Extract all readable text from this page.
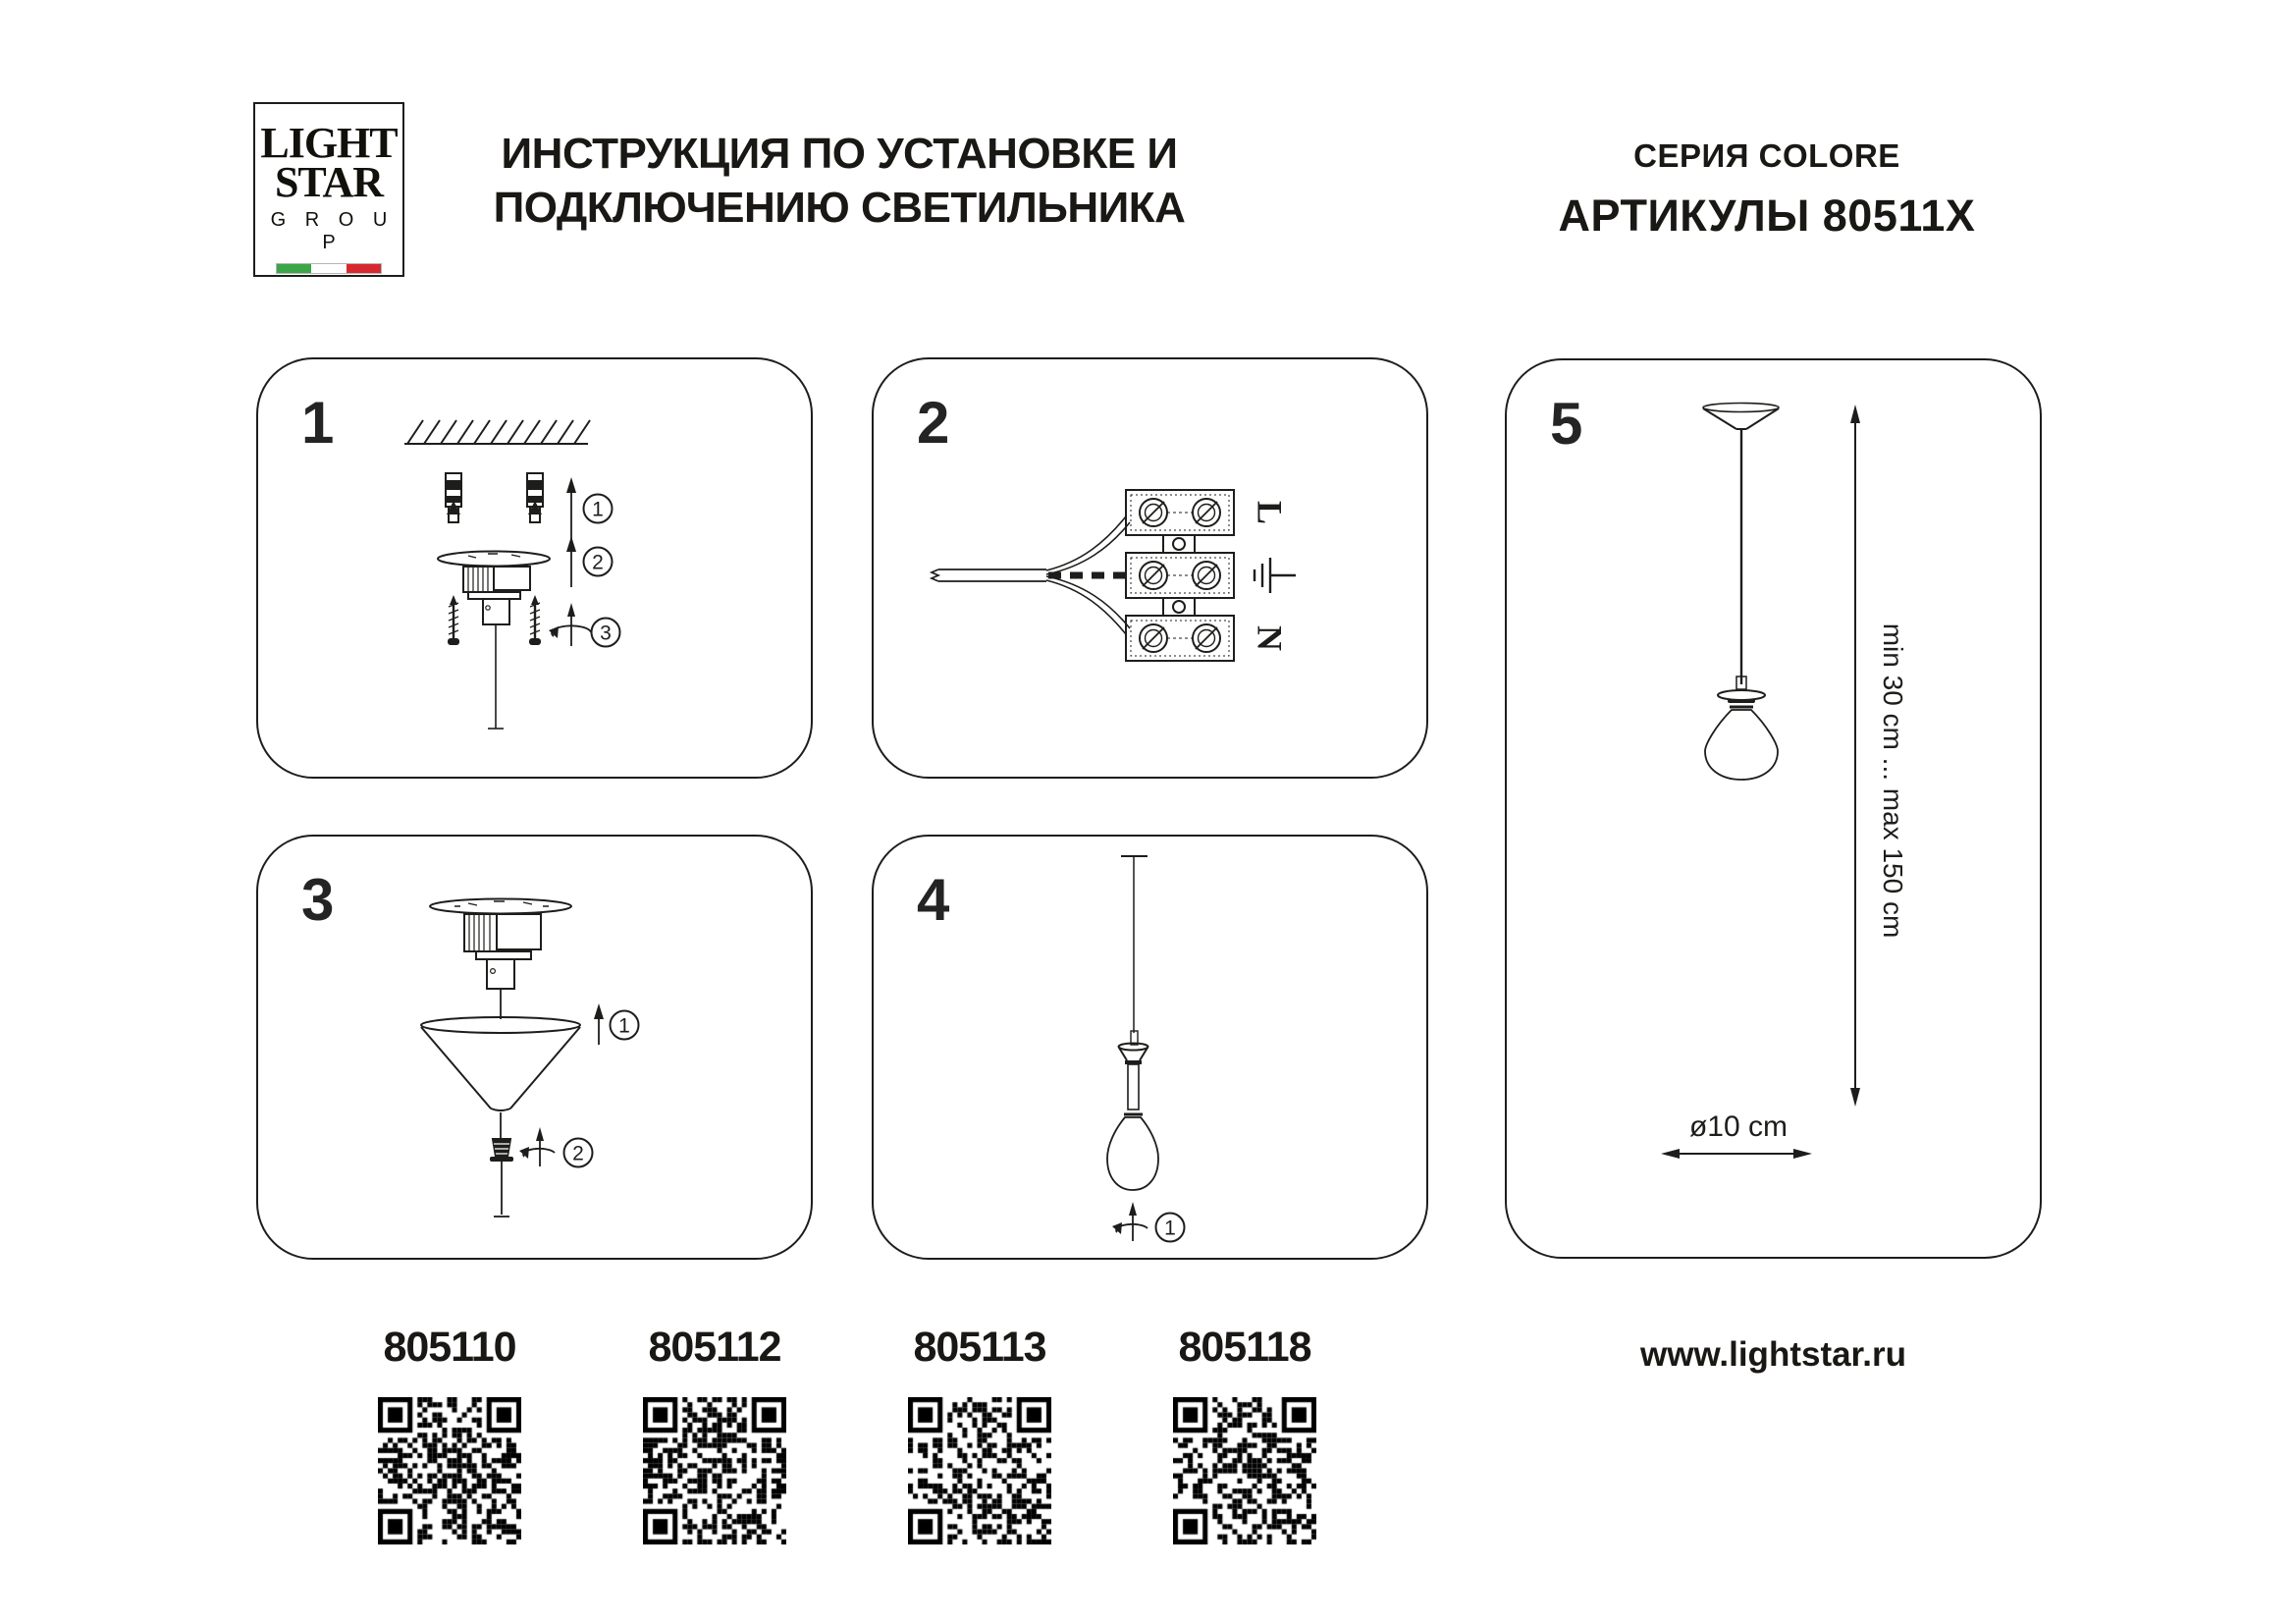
LIGHT
STAR
G R O U P
ИНСТРУКЦИЯ ПО УСТАНОВКЕ И
ПОДКЛЮЧЕНИЮ СВЕТИЛЬНИКА
СЕРИЯ COLORE
АРТИКУЛЫ 80511X
1
1
2
3
2
L
N
3
1
2
4
1
5
min 30 cm ... max 150 cm
ø10 cm
805110	805112	805113	805118	www.lightstar.ru
